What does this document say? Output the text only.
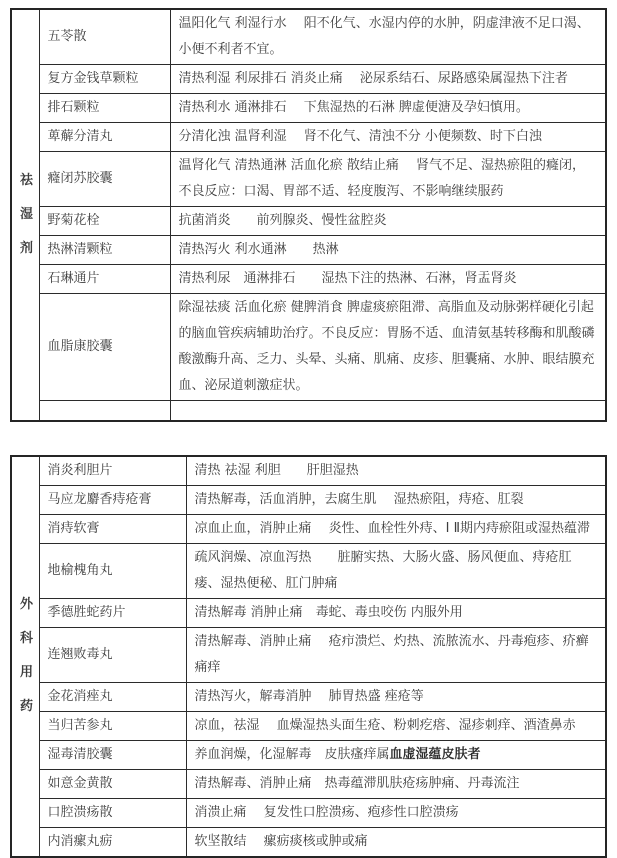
祛
湿
剂	五苓散	温阳化气 利湿行水　 阳不化气、水湿内停的水肿，阴虚津液不足口渴、小便不利者不宜。
	复方金钱草颗粒	清热利湿 利尿排石 消炎止痛　 泌尿系结石、尿路感染属湿热下注者
	排石颗粒	清热利水 通淋排石　 下焦湿热的石淋 脾虚便溏及孕妇慎用。
	萆薢分清丸	分清化浊 温肾利湿　 肾不化气、清浊不分 小便频数、时下白浊
	癃闭苏胶囊	温肾化气 清热通淋 活血化瘀 散结止痛　 肾气不足、湿热瘀阻的癃闭，不良反应：口渴、胃部不适、轻度腹泻、不影响继续服药
	野菊花栓	抗菌消炎　　前列腺炎、慢性盆腔炎
	热淋清颗粒	清热泻火 利水通淋　　热淋
	石琳通片	清热利尿　通淋排石　　湿热下注的热淋、石淋，肾盂肾炎
	血脂康胶囊	除湿祛痰 活血化瘀 健脾消食 脾虚痰瘀阻滞、高脂血及动脉粥样硬化引起的脑血管疾病辅助治疗。不良反应：胃肠不适、血清氨基转移酶和肌酸磷酸激酶升高、乏力、头晕、头痛、肌痛、皮疹、胆囊痛、水肿、眼结膜充血、泌尿道刺激症状。

外
科
用
药	消炎利胆片	清热 祛湿 利胆　　肝胆湿热
	马应龙麝香痔疮膏	清热解毒，活血消肿，去腐生肌　 湿热瘀阻，痔疮、肛裂
	消痔软膏	凉血止血，消肿止痛　 炎性、血栓性外痔、Ⅰ Ⅱ期内痔瘀阻或湿热蕴滞
	地榆槐角丸	疏风润燥、凉血泻热　　脏腑实热、大肠火盛、肠风便血、痔疮肛瘘、湿热便秘、肛门肿痛
	季德胜蛇药片	清热解毒 消肿止痛　毒蛇、毒虫咬伤 内服外用
	连翘败毒丸	清热解毒、消肿止痛　 疮疖溃烂、灼热、流脓流水、丹毒疱疹、疥癣痛痒
	金花消痤丸	清热泻火，解毒消肿　 肺胃热盛 痤疮等
	当归苦参丸	凉血，祛湿　 血燥湿热头面生疮、粉刺疙瘩、湿疹刺痒、酒渣鼻赤
	湿毒清胶囊	养血润燥，化湿解毒　皮肤瘙痒属血虚湿蕴皮肤者
	如意金黄散	清热解毒、消肿止痛　热毒蕴滞肌肤疮疡肿痛、丹毒流注
	口腔溃疡散	消溃止痛　 复发性口腔溃疡、疱疹性口腔溃疡
	内消瘰丸疬	软坚散结　 瘰疬痰核或肿或痛
